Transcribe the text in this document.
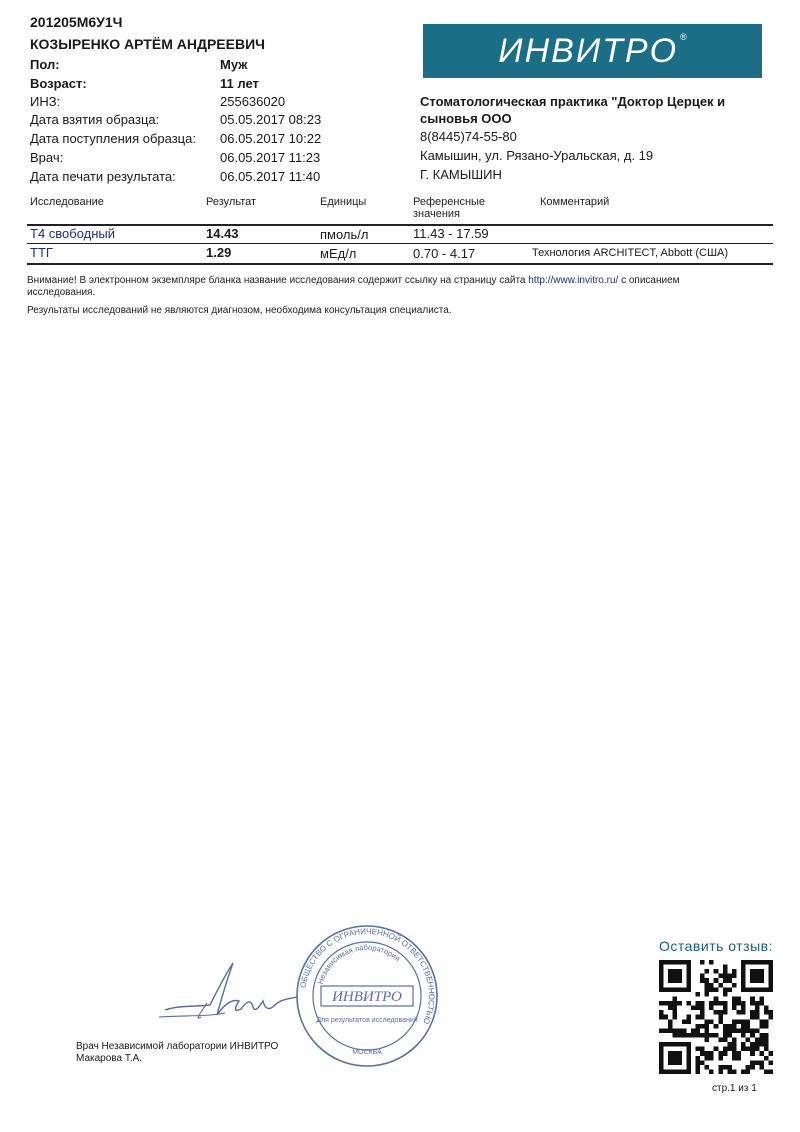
201205М6У1Ч
КОЗЫРЕНКО АРТЁМ АНДРЕЕВИЧ
Пол:	Муж
Возраст:	11 лет
ИНЗ:	255636020
Дата взятия образца:	05.05.2017 08:23
Дата поступления образца: 06.05.2017 10:22
Врач:	06.05.2017 11:23
Дата печати результата:	06.05.2017 11:40
ИНВИТРО ®
Стоматологическая практика "Доктор Церцек и сыновья ООО
8(8445)74-55-80
Камышин, ул. Рязано-Уральская, д. 19
Г. КАМЫШИН
Исследование	Результат	Единицы	Референсные
значения
Комментарий
Т4 свободный	14.43	пмоль/л	11.43 - 17.59
ТТГ	1.29	мЕд/л	0.70 - 4.17	Технология ARCHITECT, Abbott (США)
Внимание! В электронном экземпляре бланка название исследования содержит ссылку на страницу сайта http://www.invitro.ru/ с описанием
исследования.
Результаты исследований не являются диагнозом, необходима консультация специалиста.
ОБЩЕСТВО С ОГРАНИЧЕННОЙ ОТВЕТСТВЕННОСТЬЮ
Независимая лаборатория
ИНВИТРО
Для результатов исследований
МОСКВА
Врач Независимой лаборатории ИНВИТРО
Макарова Т.А.
Оставить отзыв:
стр.1 из 1
